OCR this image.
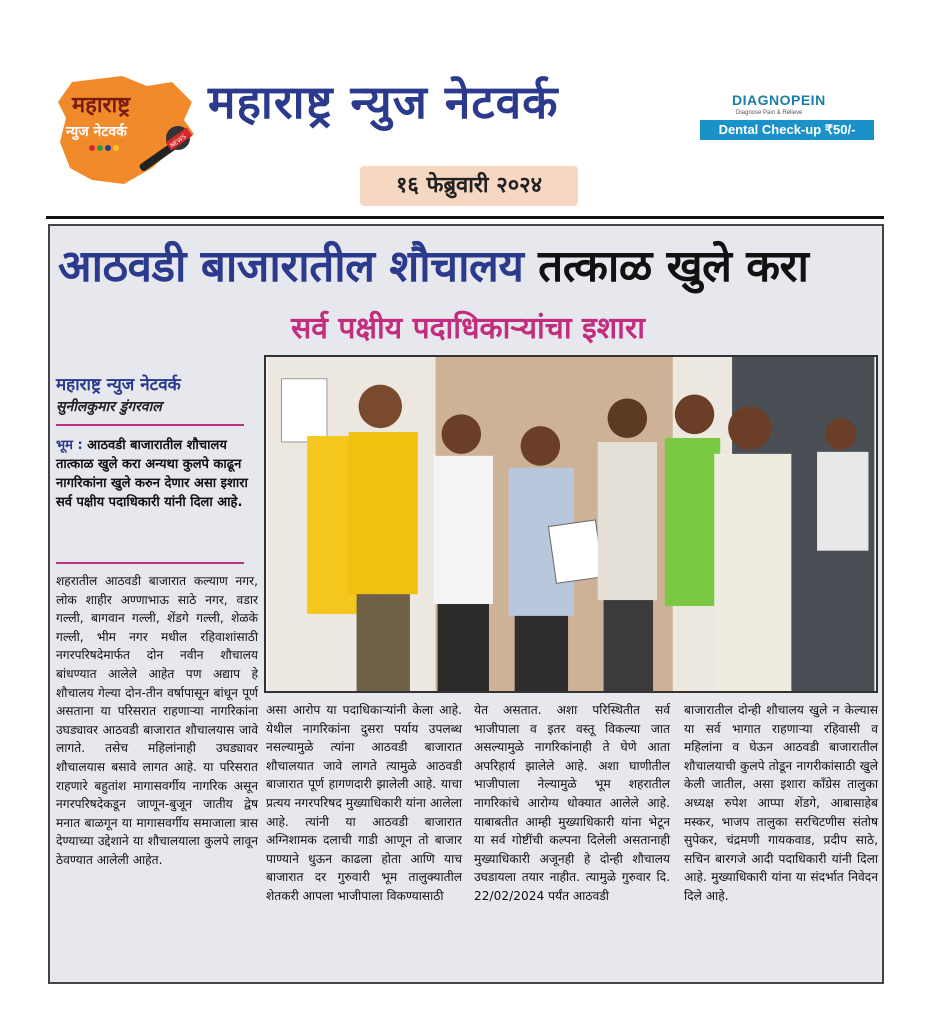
महाराष्ट्र
न्युज नेटवर्क
NEWS
महाराष्ट्र न्युज नेटवर्क	DIAGNOPEIN
Diagnose Pain & Relieve
Dental Check-up ₹50/-
१६ फेब्रुवारी २०२४
आठवडी बाजारातील शौचालय तत्काळ खुले करा
सर्व पक्षीय पदाधिकाऱ्यांचा इशारा
महाराष्ट्र न्युज नेटवर्क
सुनीलकुमार डुंगरवाल
भूम : आठवडी बाजारातील शौचालय तात्काळ खुले करा अन्यथा कुलपे काढून नागरिकांना खुले करुन देणार असा इशारा सर्व पक्षीय पदाधिकारी यांनी दिला आहे.
शहरातील आठवडी बाजारात कल्याण नगर, लोक शाहीर अण्णाभाऊ साठे नगर, वडार गल्ली, बागवान गल्ली, शेंडगे गल्ली, शेळके गल्ली, भीम नगर मधील रहिवाशांसाठी नगरपरिषदेमार्फत दोन नवीन शौचालय बांधण्यात आलेले आहेत पण अद्याप हे शौचालय गेल्या दोन-तीन वर्षापासून बांधून पूर्ण असताना या परिसरात राहणाऱ्या नागरिकांना उघड्यावर आठवडी बाजारात शौचालयास जावे लागते. तसेच महिलांनाही उघड्यावर शौचालयास बसावे लागत आहे. या परिसरात राहणारे बहुतांश मागासवर्गीय नागरिक असून नगरपरिषदेकडून जाणून-बुजून जातीय द्वेष मनात बाळगून या मागासवर्गीय समाजाला त्रास देण्याच्या उद्देशाने या शौचालयाला कुलपे लावून ठेवण्यात आलेली आहेत.
असा आरोप या पदाधिकाऱ्यांनी केला आहे. येथील नागरिकांना दुसरा पर्याय उपलब्ध नसल्यामुळे त्यांना आठवडी बाजारात शौचालयात जावे लागते त्यामुळे आठवडी बाजारात पूर्ण हागणदारी झालेली आहे. याचा प्रत्यय नगरपरिषद मुख्याधिकारी यांना आलेला आहे. त्यांनी या आठवडी बाजारात अग्निशामक दलाची गाडी आणून तो बाजार पाण्याने धुऊन काढला होता आणि याच बाजारात दर गुरुवारी भूम तालुक्यातील शेतकरी आपला भाजीपाला विकण्यासाठी
येत असतात. अशा परिस्थितीत सर्व भाजीपाला व इतर वस्तू विकल्या जात असल्यामुळे नागरिकांनाही ते घेणे आता अपरिहार्य झालेले आहे. अशा घाणीतील भाजीपाला नेल्यामुळे भूम शहरातील नागरिकांचे आरोग्य धोक्यात आलेले आहे. याबाबतीत आम्ही मुख्याधिकारी यांना भेटून या सर्व गोष्टींची कल्पना दिलेली असतानाही मुख्याधिकारी अजूनही हे दोन्ही शौचालय उघडायला तयार नाहीत. त्यामुळे गुरुवार दि. 22/02/2024 पर्यंत आठवडी
बाजारातील दोन्ही शौचालय खुले न केल्यास या सर्व भागात राहणाऱ्या रहिवासी व महिलांना व घेऊन आठवडी बाजारातील शौचालयाची कुलपे तोडून नागरीकांसाठी खुले केली जातील, असा इशारा कॉंग्रेस तालुका अध्यक्ष रुपेश आप्पा शेंडगे, आबासाहेब मस्कर, भाजप तालुका सरचिटणीस संतोष सुपेकर, चंद्रमणी गायकवाड, प्रदीप साठे, सचिन बारगजे आदी पदाधिकारी यांनी दिला आहे. मुख्याधिकारी यांना या संदर्भात निवेदन दिले आहे.
